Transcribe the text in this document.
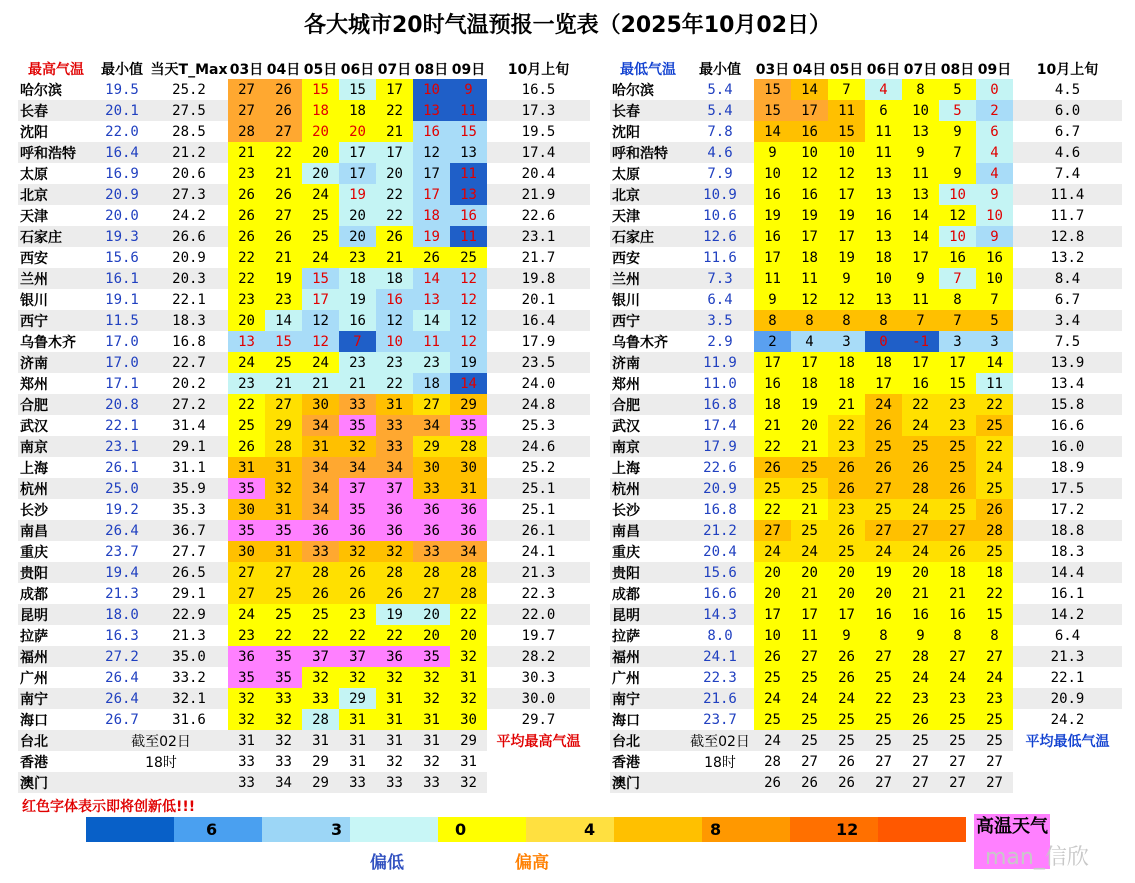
各大城市20时气温预报一览表（2025年10月02日）
最高气温	最小值	当天T_Max	03日	04日	05日	06日	07日	08日	09日	10月上旬
哈尔滨	19.5	25.2	27	26	15	15	17	10	9	16.5
长春	20.1	27.5	27	26	18	18	22	13	11	17.3
沈阳	22.0	28.5	28	27	20	20	21	16	15	19.5
呼和浩特	16.4	21.2	21	22	20	17	17	12	13	17.4
太原	16.9	20.6	23	21	20	17	20	17	11	20.4
北京	20.9	27.3	26	26	24	19	22	17	13	21.9
天津	20.0	24.2	26	27	25	20	22	18	16	22.6
石家庄	19.3	26.6	26	26	25	20	26	19	11	23.1
西安	15.6	20.9	22	21	24	23	21	26	25	21.7
兰州	16.1	20.3	22	19	15	18	18	14	12	19.8
银川	19.1	22.1	23	23	17	19	16	13	12	20.1
西宁	11.5	18.3	20	14	12	16	12	14	12	16.4
乌鲁木齐	17.0	16.8	13	15	12	7	10	11	12	17.9
济南	17.0	22.7	24	25	24	23	23	23	19	23.5
郑州	17.1	20.2	23	21	21	21	22	18	14	24.0
合肥	20.8	27.2	22	27	30	33	31	27	29	24.8
武汉	22.1	31.4	25	29	34	35	33	34	35	25.3
南京	23.1	29.1	26	28	31	32	33	29	28	24.6
上海	26.1	31.1	31	31	34	34	34	30	30	25.2
杭州	25.0	35.9	35	32	34	37	37	33	31	25.1
长沙	19.2	35.3	30	31	34	35	36	36	36	25.1
南昌	26.4	36.7	35	35	36	36	36	36	36	26.1
重庆	23.7	27.7	30	31	33	32	32	33	34	24.1
贵阳	19.4	26.5	27	27	28	26	28	28	28	21.3
成都	21.3	29.1	27	25	26	26	26	27	28	22.3
昆明	18.0	22.9	24	25	25	23	19	20	22	22.0
拉萨	16.3	21.3	23	22	22	22	22	20	20	19.7
福州	27.2	35.0	36	35	37	37	36	35	32	28.2
广州	26.4	33.2	35	35	32	32	32	32	31	30.3
南宁	26.4	32.1	32	33	33	29	31	32	32	30.0
海口	26.7	31.6	32	32	28	31	31	31	30	29.7
台北	截至02日		31	32	31	31	31	31	29	平均最高气温
香港	18时		33	33	29	31	32	32	31	
澳门			33	34	29	33	33	33	32	
最低气温	最小值	03日	04日	05日	06日	07日	08日	09日	10月上旬
哈尔滨	5.4	15	14	7	4	8	5	0	4.5
长春	5.4	15	17	11	6	10	5	2	6.0
沈阳	7.8	14	16	15	11	13	9	6	6.7
呼和浩特	4.6	9	10	10	11	9	7	4	4.6
太原	7.9	10	12	12	13	11	9	4	7.4
北京	10.9	16	16	17	13	13	10	9	11.4
天津	10.6	19	19	19	16	14	12	10	11.7
石家庄	12.6	16	17	17	13	14	10	9	12.8
西安	11.6	17	18	19	18	17	16	16	13.2
兰州	7.3	11	11	9	10	9	7	10	8.4
银川	6.4	9	12	12	13	11	8	7	6.7
西宁	3.5	8	8	8	8	7	7	5	3.4
乌鲁木齐	2.9	2	4	3	0	-1	3	3	7.5
济南	11.9	17	17	18	18	17	17	14	13.9
郑州	11.0	16	18	18	17	16	15	11	13.4
合肥	16.8	18	19	21	24	22	23	22	15.8
武汉	17.4	21	20	22	26	24	23	25	16.6
南京	17.9	22	21	23	25	25	25	22	16.0
上海	22.6	26	25	26	26	26	25	24	18.9
杭州	20.9	25	25	26	27	28	26	25	17.5
长沙	16.8	22	21	23	25	24	25	26	17.2
南昌	21.2	27	25	26	27	27	27	28	18.8
重庆	20.4	24	24	25	24	24	26	25	18.3
贵阳	15.6	20	20	20	19	20	18	18	14.4
成都	16.6	20	21	20	20	21	21	22	16.1
昆明	14.3	17	17	17	16	16	16	15	14.2
拉萨	8.0	10	11	9	8	9	8	8	6.4
福州	24.1	26	27	26	27	28	27	27	21.3
广州	22.3	25	25	26	25	24	24	24	22.1
南宁	21.6	24	24	24	22	23	23	23	20.9
海口	23.7	25	25	25	25	26	25	25	24.2
台北	截至02日	24	25	25	25	25	25	25	平均最低气温
香港	18时	28	27	26	27	27	27	27	
澳门		26	26	26	27	27	27	27	
红色字体表示即将创新低!!!
6	3	0	4	8	12	高温天气
偏低	偏高	man_信欣
